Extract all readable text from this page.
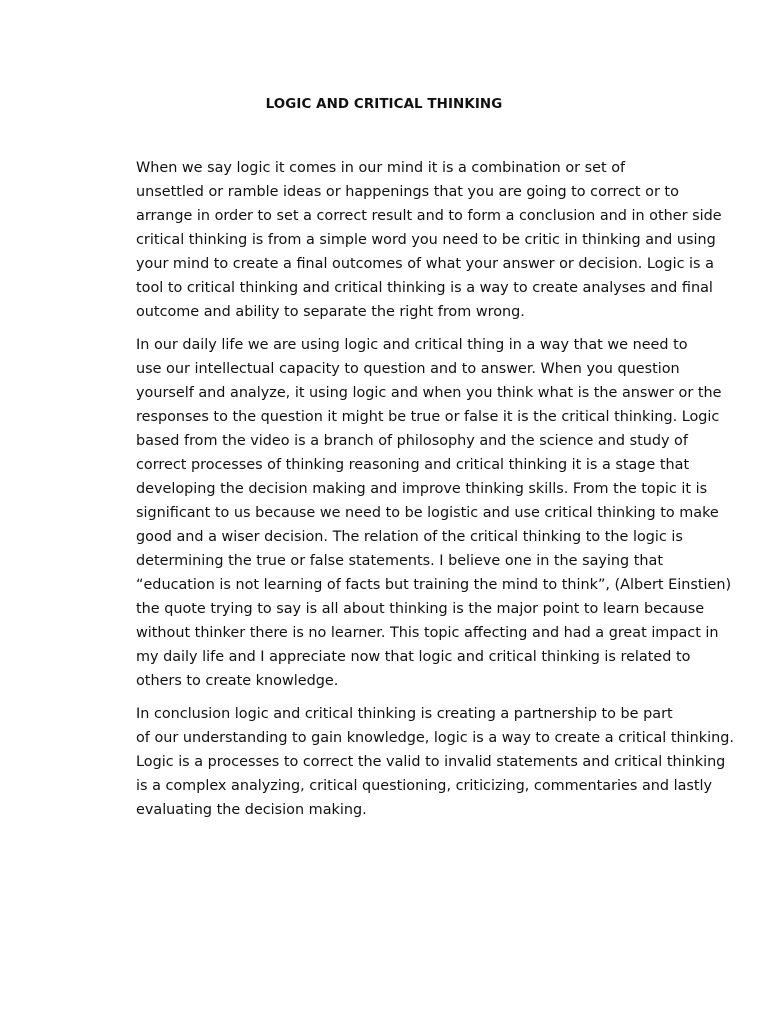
LOGIC AND CRITICAL THINKING

When we say logic it comes in our mind it is a combination or set of
unsettled or ramble ideas or happenings that you are going to correct or to
arrange in order to set a correct result and to form a conclusion and in other side
critical thinking is from a simple word you need to be critic in thinking and using
your mind to create a final outcomes of what your answer or decision. Logic is a
tool to critical thinking and critical thinking is a way to create analyses and final
outcome and ability to separate the right from wrong.

In our daily life we are using logic and critical thing in a way that we need to
use our intellectual capacity to question and to answer. When you question
yourself and analyze, it using logic and when you think what is the answer or the
responses to the question it might be true or false it is the critical thinking. Logic
based from the video is a branch of philosophy and the science and study of
correct processes of thinking reasoning and critical thinking it is a stage that
developing the decision making and improve thinking skills. From the topic it is
significant to us because we need to be logistic and use critical thinking to make
good and a wiser decision. The relation of the critical thinking to the logic is
determining the true or false statements. I believe one in the saying that
“education is not learning of facts but training the mind to think”, (Albert Einstien)
the quote trying to say is all about thinking is the major point to learn because
without thinker there is no learner. This topic affecting and had a great impact in
my daily life and I appreciate now that logic and critical thinking is related to
others to create knowledge.

In conclusion logic and critical thinking is creating a partnership to be part
of our understanding to gain knowledge, logic is a way to create a critical thinking.
Logic is a processes to correct the valid to invalid statements and critical thinking
is a complex analyzing, critical questioning, criticizing, commentaries and lastly
evaluating the decision making.
